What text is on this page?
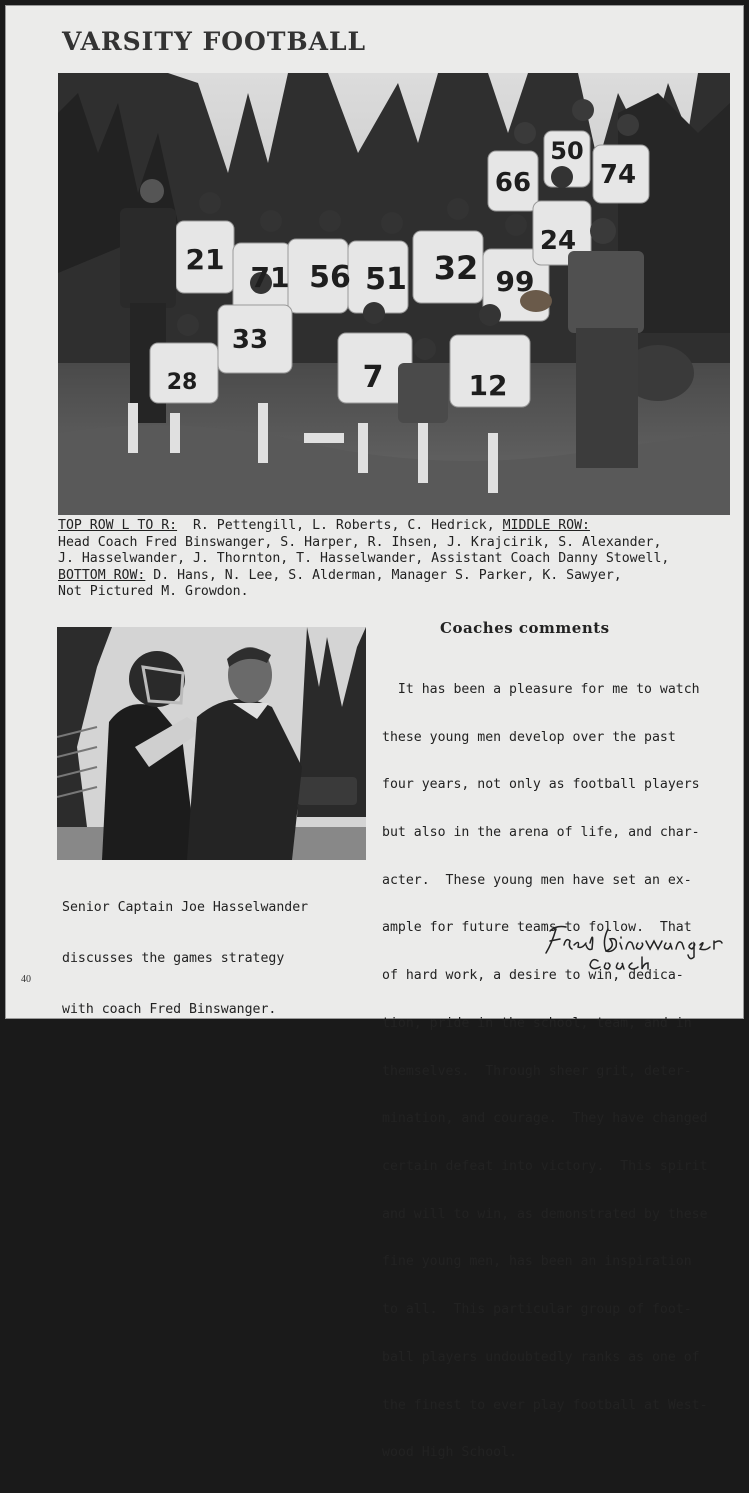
VARSITY FOOTBALL
66
50
74
21
71 56 51 32 99
24
33
28	7	12
TOP ROW L TO R:  R. Pettengill, L. Roberts, C. Hedrick, MIDDLE ROW:
Head Coach Fred Binswanger, S. Harper, R. Ihsen, J. Krajcirik, S. Alexander,
J. Hasselwander, J. Thornton, T. Hasselwander, Assistant Coach Danny Stowell,
BOTTOM ROW: D. Hans, N. Lee, S. Alderman, Manager S. Parker, K. Sawyer,
Not Pictured M. Growdon.

Senior Captain Joe Hasselwander

discusses the games strategy

with coach Fred Binswanger.

Coaches comments

It has been a pleasure for me to watch

these young men develop over the past

four years, not only as football players

but also in the arena of life, and char-

acter.  These young men have set an ex-

ample for future teams to follow.  That

of hard work, a desire to win, dedica-

tion, pride in the school, team, and in

themselves.  Through sheer grit, deter-

mination, and courage.  They have changed

certain defeat into victory.  This spirit

and will to win, as demonstrated by these

fine young men, has been an inspiration

to all.  This particular group of foot-

ball players undoubtedly ranks as one of

the finest to ever play football at West-

wood High School.

40
